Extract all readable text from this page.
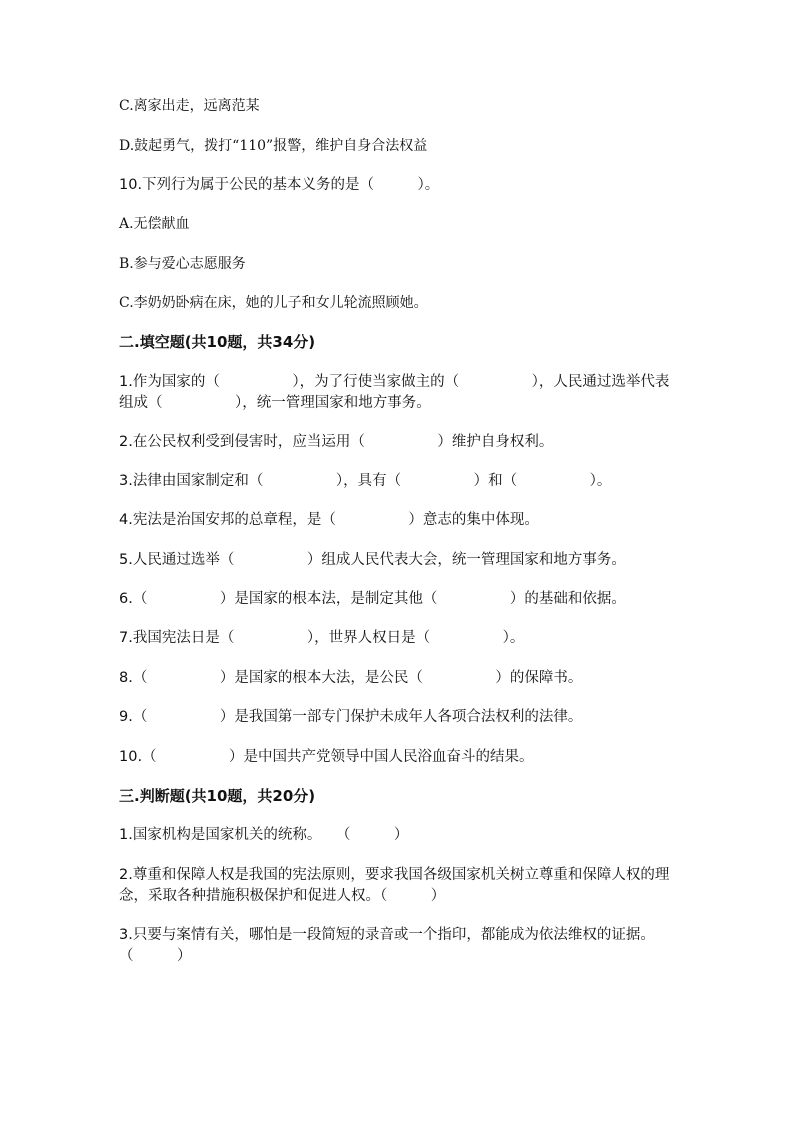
C.离家出走，远离范某
D.鼓起勇气，拨打“110”报警，维护自身合法权益
10.下列行为属于公民的基本义务的是（　　　）。
A.无偿献血
B.参与爱心志愿服务
C.李奶奶卧病在床，她的儿子和女儿轮流照顾她。
二.填空题(共10题，共34分)
1.作为国家的（　　　　　），为了行使当家做主的（　　　　　），人民通过选举代表组成（　　　　　），统一管理国家和地方事务。
2.在公民权利受到侵害时，应当运用（　　　　　）维护自身权利。
3.法律由国家制定和（　　　　　），具有（　　　　　）和（　　　　　）。
4.宪法是治国安邦的总章程，是（　　　　　）意志的集中体现。
5.人民通过选举（　　　　　）组成人民代表大会，统一管理国家和地方事务。
6.（　　　　　）是国家的根本法，是制定其他（　　　　　）的基础和依据。
7.我国宪法日是（　　　　　），世界人权日是（　　　　　）。
8.（　　　　　）是国家的根本大法，是公民（　　　　　）的保障书。
9.（　　　　　）是我国第一部专门保护未成年人各项合法权利的法律。
10.（　　　　　）是中国共产党领导中国人民浴血奋斗的结果。
三.判断题(共10题，共20分)
1.国家机构是国家机关的统称。　　（　　　）
2.尊重和保障人权是我国的宪法原则，要求我国各级国家机关树立尊重和保障人权的理念，采取各种措施积极保护和促进人权。（　　　）
3.只要与案情有关，哪怕是一段简短的录音或一个指印，都能成为依法维权的证据。（　　　）
